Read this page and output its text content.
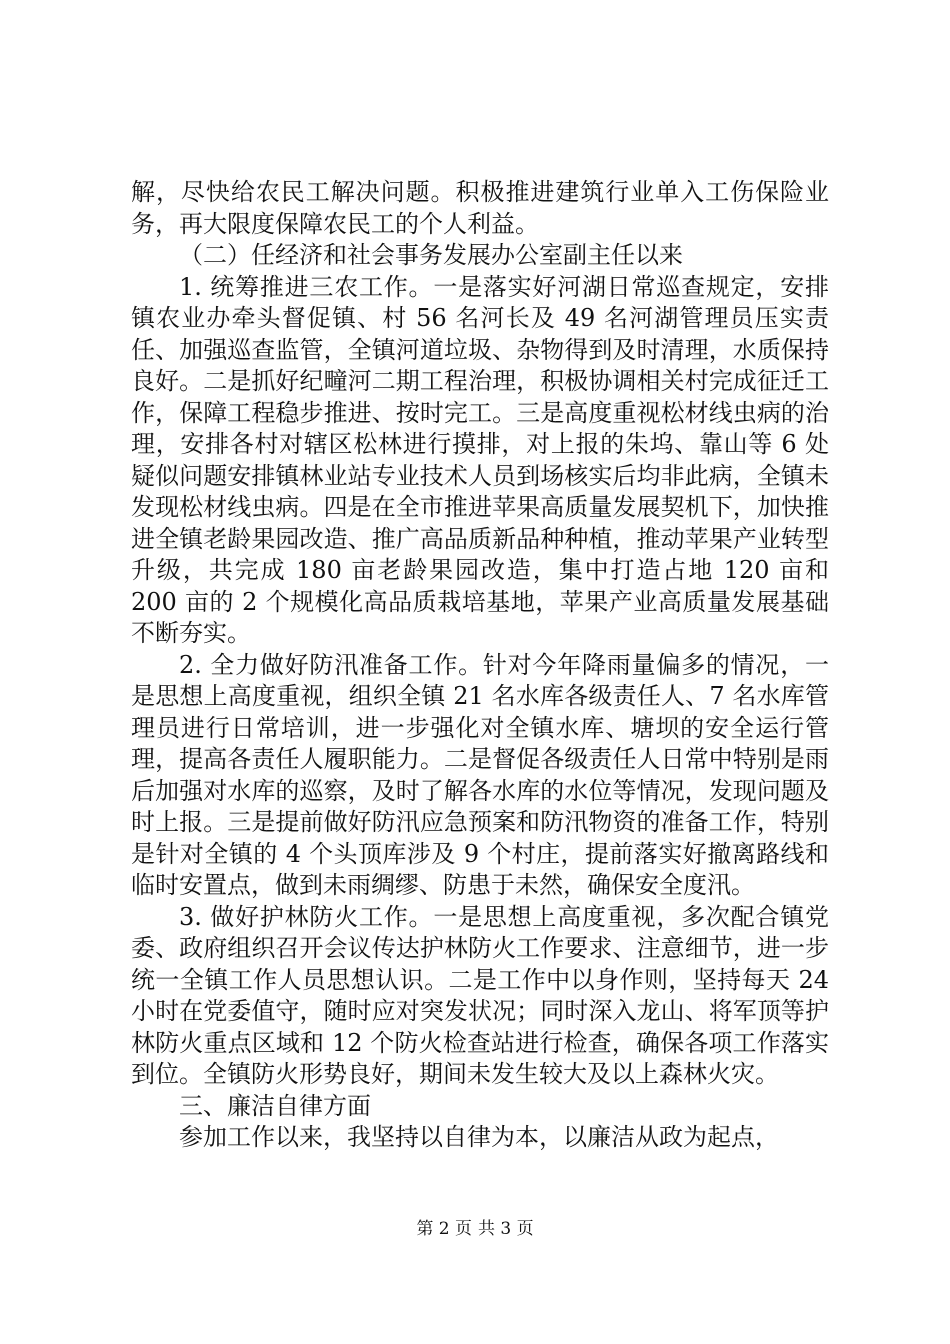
解，尽快给农民工解决问题。积极推进建筑行业单入工伤保险业务，再大限度保障农民工的个人利益。

（二）任经济和社会事务发展办公室副主任以来

1. 统筹推进三农工作。一是落实好河湖日常巡查规定，安排镇农业办牵头督促镇、村 56 名河长及 49 名河湖管理员压实责任、加强巡查监管，全镇河道垃圾、杂物得到及时清理，水质保持良好。二是抓好纪疃河二期工程治理，积极协调相关村完成征迁工作，保障工程稳步推进、按时完工。三是高度重视松材线虫病的治理，安排各村对辖区松林进行摸排，对上报的朱坞、靠山等 6 处疑似问题安排镇林业站专业技术人员到场核实后均非此病，全镇未发现松材线虫病。四是在全市推进苹果高质量发展契机下，加快推进全镇老龄果园改造、推广高品质新品种种植，推动苹果产业转型升级，共完成 180 亩老龄果园改造，集中打造占地 120 亩和 200 亩的 2 个规模化高品质栽培基地，苹果产业高质量发展基础不断夯实。

2. 全力做好防汛准备工作。针对今年降雨量偏多的情况，一是思想上高度重视，组织全镇 21 名水库各级责任人、7 名水库管理员进行日常培训，进一步强化对全镇水库、塘坝的安全运行管理，提高各责任人履职能力。二是督促各级责任人日常中特别是雨后加强对水库的巡察，及时了解各水库的水位等情况，发现问题及时上报。三是提前做好防汛应急预案和防汛物资的准备工作，特别是针对全镇的 4 个头顶库涉及 9 个村庄，提前落实好撤离路线和临时安置点，做到未雨绸缪、防患于未然，确保安全度汛。

3. 做好护林防火工作。一是思想上高度重视，多次配合镇党委、政府组织召开会议传达护林防火工作要求、注意细节，进一步统一全镇工作人员思想认识。二是工作中以身作则，坚持每天 24 小时在党委值守，随时应对突发状况；同时深入龙山、将军顶等护林防火重点区域和 12 个防火检查站进行检查，确保各项工作落实到位。全镇防火形势良好，期间未发生较大及以上森林火灾。

三、廉洁自律方面

参加工作以来，我坚持以自律为本，以廉洁从政为起点，

第 2 页 共 3 页
